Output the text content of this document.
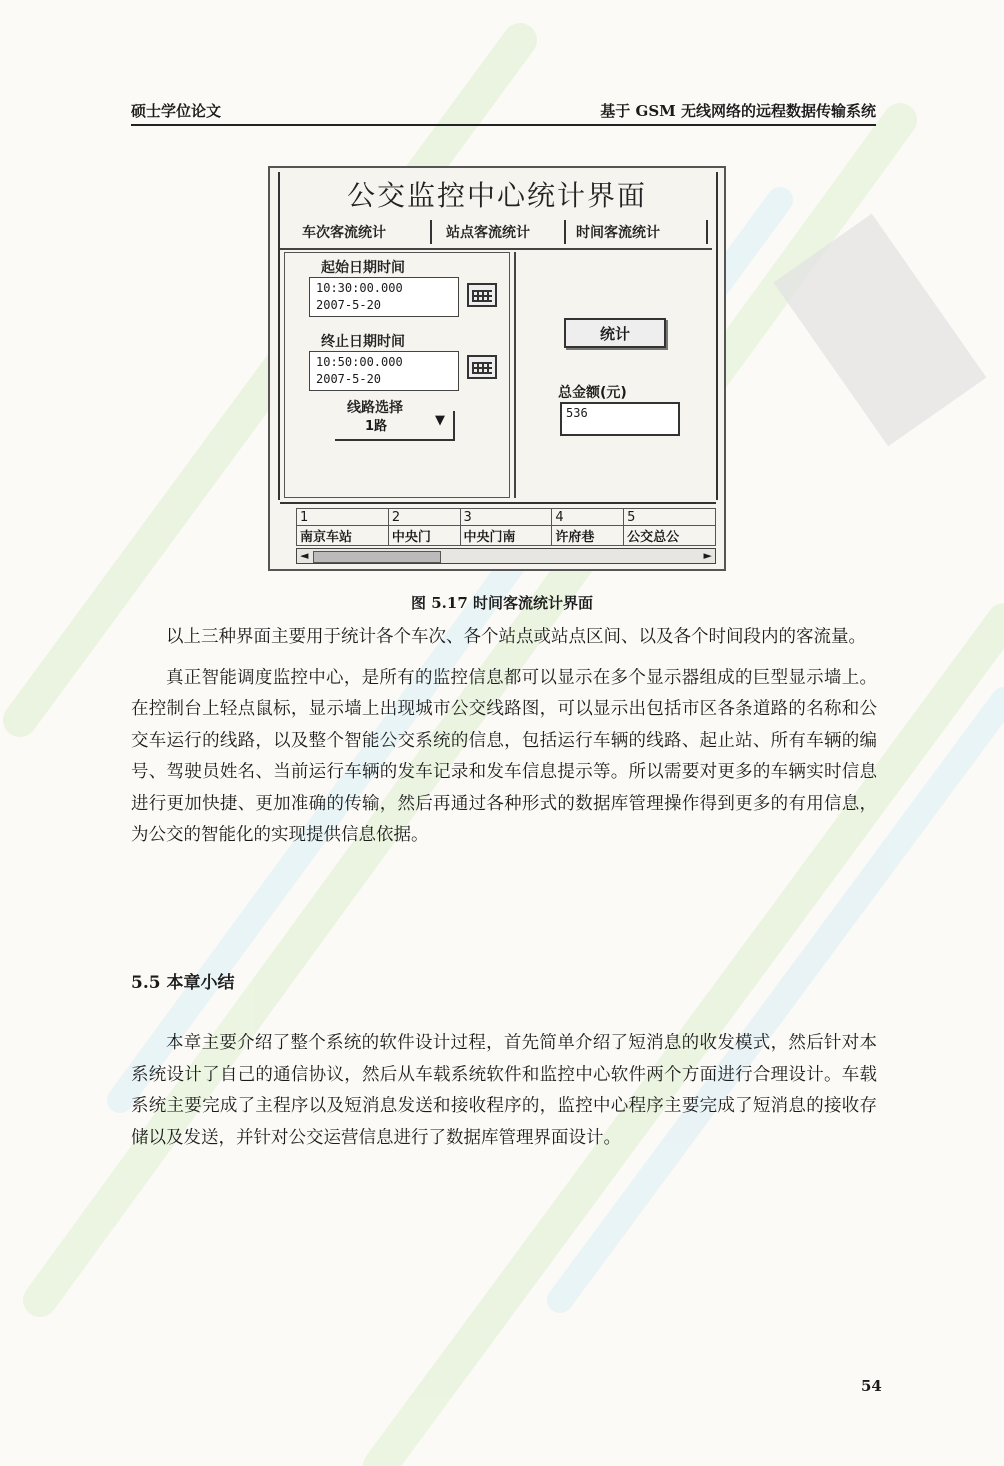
硕士学位论文	基于 GSM 无线网络的远程数据传输系统
公交监控中心统计界面
车次客流统计	站点客流统计	时间客流统计
起始日期时间
10:30:00.000
2007-5-20
终止日期时间
10:50:00.000
2007-5-20
线路选择
1路	▼
统计
总金额(元)
536
1	2	3	4	5
南京车站	中央门	中央门南	许府巷	公交总公
◄	►
图 5.17 时间客流统计界面

以上三种界面主要用于统计各个车次、各个站点或站点区间、以及各个时间段内的客流量。

真正智能调度监控中心，是所有的监控信息都可以显示在多个显示器组成的巨型显示墙上。在控制台上轻点鼠标，显示墙上出现城市公交线路图，可以显示出包括市区各条道路的名称和公交车运行的线路，以及整个智能公交系统的信息，包括运行车辆的线路、起止站、所有车辆的编号、驾驶员姓名、当前运行车辆的发车记录和发车信息提示等。所以需要对更多的车辆实时信息进行更加快捷、更加准确的传输，然后再通过各种形式的数据库管理操作得到更多的有用信息，为公交的智能化的实现提供信息依据。

5.5 本章小结

本章主要介绍了整个系统的软件设计过程，首先简单介绍了短消息的收发模式，然后针对本系统设计了自己的通信协议，然后从车载系统软件和监控中心软件两个方面进行合理设计。车载系统主要完成了主程序以及短消息发送和接收程序的，监控中心程序主要完成了短消息的接收存储以及发送，并针对公交运营信息进行了数据库管理界面设计。

54
